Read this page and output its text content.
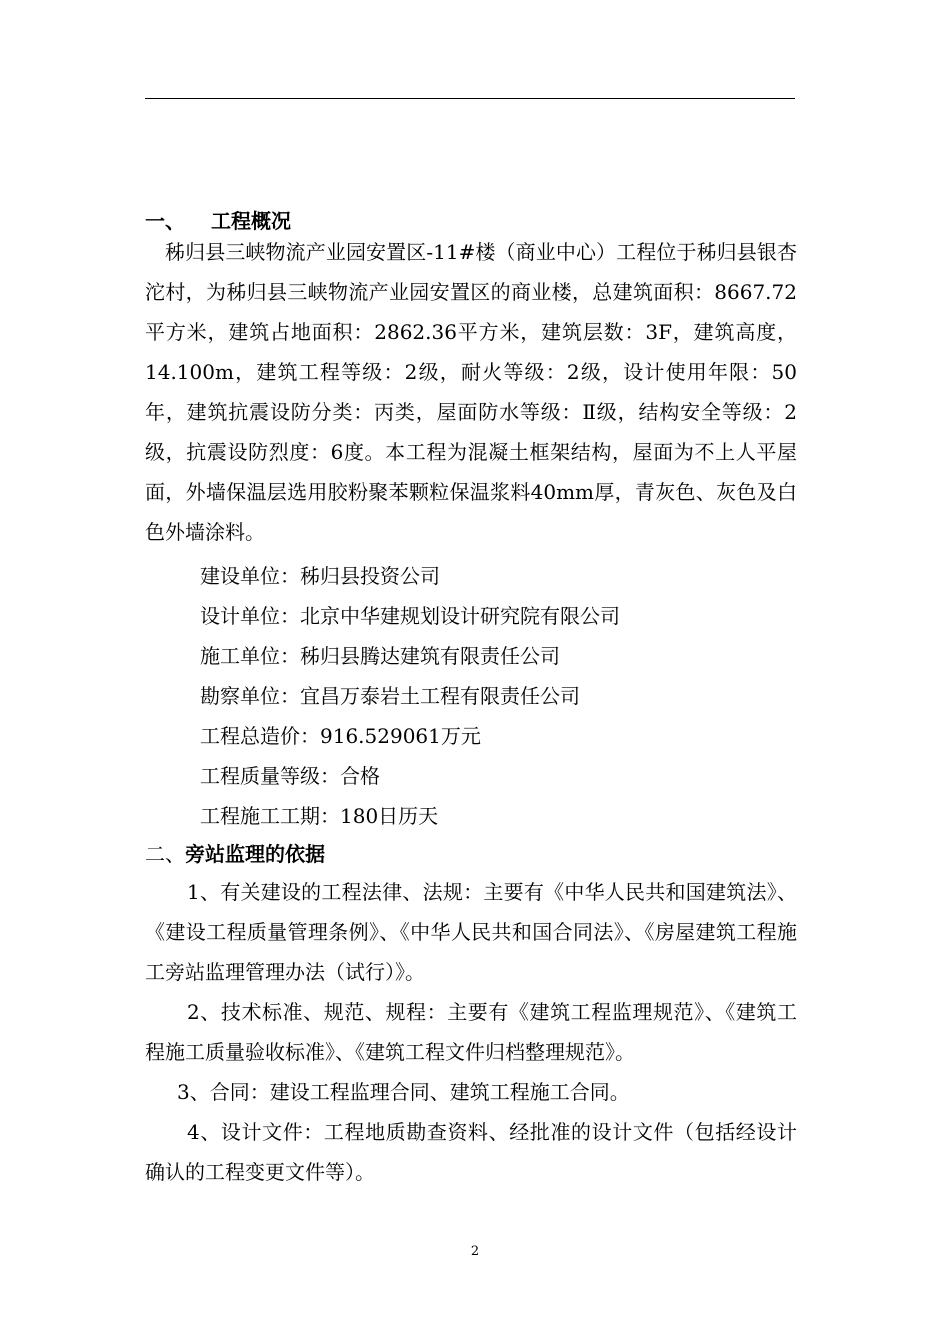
一、 工程概况

秭归县三峡物流产业园安置区-11#楼（商业中心）工程位于秭归县银杏沱村，为秭归县三峡物流产业园安置区的商业楼，总建筑面积：8667.72平方米，建筑占地面积：2862.36平方米，建筑层数：3F，建筑高度，14.100m，建筑工程等级：2级，耐火等级：2级，设计使用年限：50年，建筑抗震设防分类：丙类，屋面防水等级：Ⅱ级，结构安全等级：2级，抗震设防烈度：6度。本工程为混凝土框架结构，屋面为不上人平屋面，外墙保温层选用胶粉聚苯颗粒保温浆料40mm厚，青灰色、灰色及白色外墙涂料。

建设单位：秭归县投资公司
设计单位：北京中华建规划设计研究院有限公司
施工单位：秭归县腾达建筑有限责任公司
勘察单位：宜昌万泰岩土工程有限责任公司
工程总造价：916.529061万元
工程质量等级：合格
工程施工工期：180日历天
二、旁站监理的依据

1、有关建设的工程法律、法规：主要有《中华人民共和国建筑法》、《建设工程质量管理条例》、《中华人民共和国合同法》、《房屋建筑工程施工旁站监理管理办法（试行）》。

2、技术标准、规范、规程：主要有《建筑工程监理规范》、《建筑工程施工质量验收标准》、《建筑工程文件归档整理规范》。

3、合同：建设工程监理合同、建筑工程施工合同。

4、设计文件：工程地质勘查资料、经批准的设计文件（包括经设计确认的工程变更文件等）。

2
